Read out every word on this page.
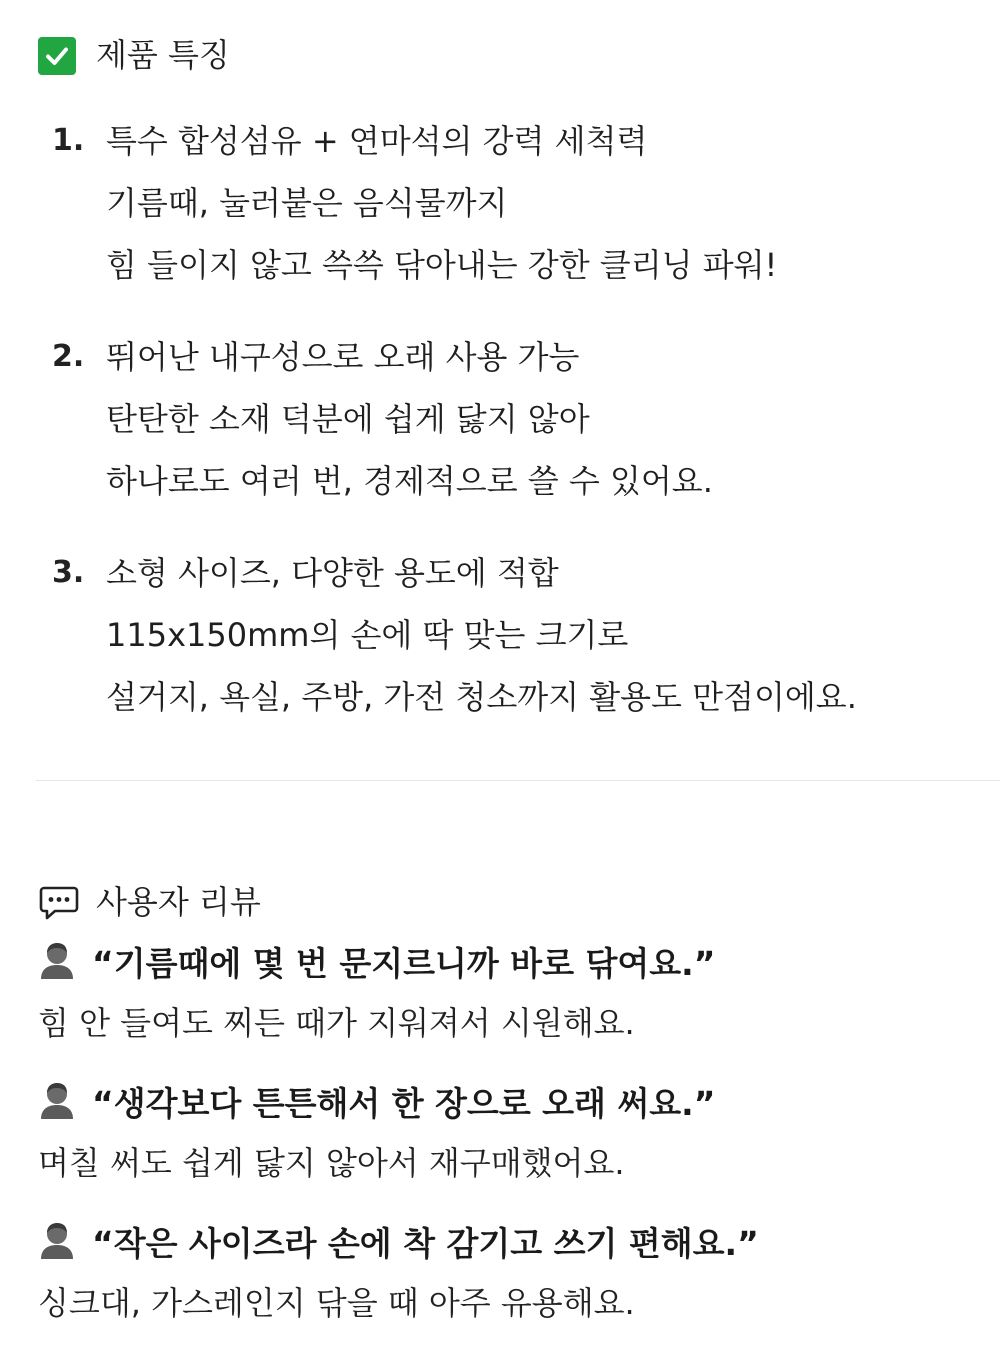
제품 특징
1. 특수 합성섬유 + 연마석의 강력 세척력
기름때, 눌러붙은 음식물까지
힘 들이지 않고 쓱쓱 닦아내는 강한 클리닝 파워!
2. 뛰어난 내구성으로 오래 사용 가능
탄탄한 소재 덕분에 쉽게 닳지 않아
하나로도 여러 번, 경제적으로 쓸 수 있어요.
3. 소형 사이즈, 다양한 용도에 적합
115x150mm의 손에 딱 맞는 크기로
설거지, 욕실, 주방, 가전 청소까지 활용도 만점이에요.
사용자 리뷰
“기름때에 몇 번 문지르니까 바로 닦여요.”
힘 안 들여도 찌든 때가 지워져서 시원해요.
“생각보다 튼튼해서 한 장으로 오래 써요.”
며칠 써도 쉽게 닳지 않아서 재구매했어요.
“작은 사이즈라 손에 착 감기고 쓰기 편해요.”
싱크대, 가스레인지 닦을 때 아주 유용해요.
